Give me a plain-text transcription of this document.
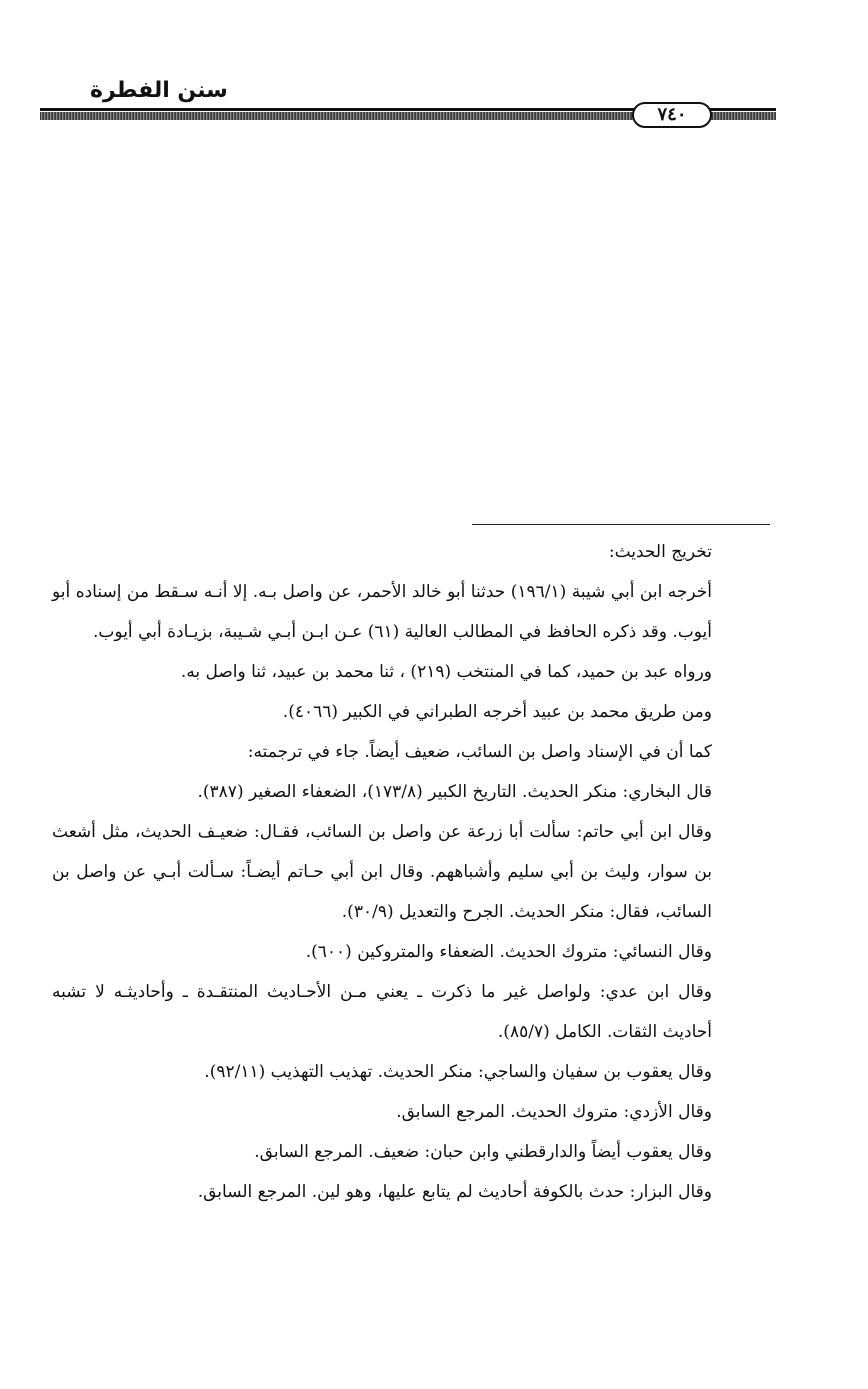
سنن الفطرة
٧٤٠

تخريج الحديث:

أخرجه ابن أبي شيبة (١٩٦/١) حدثنا أبو خالد الأحمر، عن واصل بـه. إلا أنـه سـقط من إسناده أبو أيوب. وقد ذكره الحافظ في المطالب العالية (٦١) عـن ابـن أبـي شـيبة، بزيـادة أبي أيوب.

ورواه عبد بن حميد، كما في المنتخب (٢١٩) ، ثنا محمد بن عبيد، ثنا واصل به.

ومن طريق محمد بن عبيد أخرجه الطبراني في الكبير (٤٠٦٦).

كما أن في الإسناد واصل بن السائب، ضعيف أيضاً. جاء في ترجمته:

قال البخاري: منكر الحديث. التاريخ الكبير (١٧٣/٨)، الضعفاء الصغير (٣٨٧).

وقال ابن أبي حاتم: سألت أبا زرعة عن واصل بن السائب، فقـال: ضعيـف الحديث، مثل أشعث بن سوار، وليث بن أبي سليم وأشباههم. وقال ابن أبي حـاتم أيضـاً: سـألت أبـي عن واصل بن السائب، فقال: منكر الحديث. الجرح والتعديل (٣٠/٩).

وقال النسائي: متروك الحديث. الضعفاء والمتروكين (٦٠٠).

وقال ابن عدي: ولواصل غير ما ذكرت ـ يعني مـن الأحـاديث المنتقـدة ـ وأحاديثـه لا تشبه أحاديث الثقات. الكامل (٨٥/٧).

وقال يعقوب بن سفيان والساجي: منكر الحديث. تهذيب التهذيب (٩٢/١١).

وقال الأزدي: متروك الحديث. المرجع السابق.

وقال يعقوب أيضاً والدارقطني وابن حبان: ضعيف. المرجع السابق.

وقال البزار: حدث بالكوفة أحاديث لم يتابع عليها، وهو لين. المرجع السابق.
